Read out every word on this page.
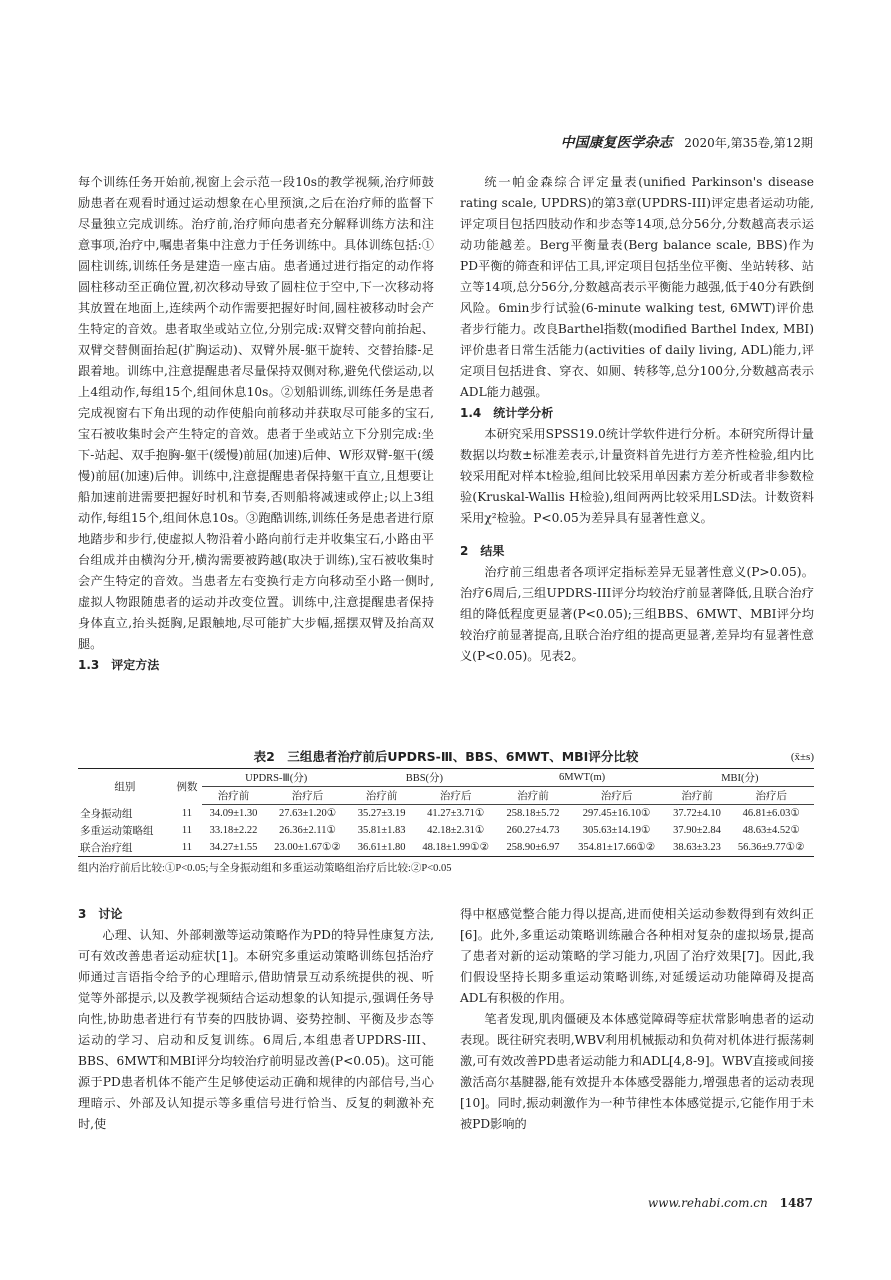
中国康复医学杂志 2020年,第35卷,第12期

每个训练任务开始前,视窗上会示范一段10s的教学视频,治疗师鼓励患者在观看时通过运动想象在心里预演,之后在治疗师的监督下尽量独立完成训练。治疗前,治疗师向患者充分解释训练方法和注意事项,治疗中,嘱患者集中注意力于任务训练中。具体训练包括:①圆柱训练,训练任务是建造一座古庙。患者通过进行指定的动作将圆柱移动至正确位置,初次移动导致了圆柱位于空中,下一次移动将其放置在地面上,连续两个动作需要把握好时间,圆柱被移动时会产生特定的音效。患者取坐或站立位,分别完成:双臂交替向前抬起、双臂交替侧面抬起(扩胸运动)、双臂外展-躯干旋转、交替抬膝-足跟着地。训练中,注意提醒患者尽量保持双侧对称,避免代偿运动,以上4组动作,每组15个,组间休息10s。②划船训练,训练任务是患者完成视窗右下角出现的动作使船向前移动并获取尽可能多的宝石,宝石被收集时会产生特定的音效。患者于坐或站立下分别完成:坐下-站起、双手抱胸-躯干(缓慢)前屈(加速)后伸、W形双臂-躯干(缓慢)前屈(加速)后伸。训练中,注意提醒患者保持躯干直立,且想要让船加速前进需要把握好时机和节奏,否则船将减速或停止;以上3组动作,每组15个,组间休息10s。③跑酷训练,训练任务是患者进行原地踏步和步行,使虚拟人物沿着小路向前行走并收集宝石,小路由平台组成并由横沟分开,横沟需要被跨越(取决于训练),宝石被收集时会产生特定的音效。当患者左右变换行走方向移动至小路一侧时,虚拟人物跟随患者的运动并改变位置。训练中,注意提醒患者保持身体直立,抬头挺胸,足跟触地,尽可能扩大步幅,摇摆双臂及抬高双腿。

1.3　评定方法

统一帕金森综合评定量表(unified Parkinson's disease rating scale, UPDRS)的第3章(UPDRS-III)评定患者运动功能,评定项目包括四肢动作和步态等14项,总分56分,分数越高表示运动功能越差。Berg平衡量表(Berg balance scale, BBS)作为PD平衡的筛查和评估工具,评定项目包括坐位平衡、坐站转移、站立等14项,总分56分,分数越高表示平衡能力越强,低于40分有跌倒风险。6min步行试验(6-minute walking test, 6MWT)评价患者步行能力。改良Barthel指数(modified Barthel Index, MBI)评价患者日常生活能力(activities of daily living, ADL)能力,评定项目包括进食、穿衣、如厕、转移等,总分100分,分数越高表示ADL能力越强。

1.4　统计学分析

本研究采用SPSS19.0统计学软件进行分析。本研究所得计量数据以均数±标准差表示,计量资料首先进行方差齐性检验,组内比较采用配对样本t检验,组间比较采用单因素方差分析或者非参数检验(Kruskal-Wallis H检验),组间两两比较采用LSD法。计数资料采用χ²检验。P<0.05为差异具有显著性意义。

2　结果

治疗前三组患者各项评定指标差异无显著性意义(P>0.05)。治疗6周后,三组UPDRS-III评分均较治疗前显著降低,且联合治疗组的降低程度更显著(P<0.05);三组BBS、6MWT、MBI评分均较治疗前显著提高,且联合治疗组的提高更显著,差异均有显著性意义(P<0.05)。见表2。

表2　三组患者治疗前后UPDRS-Ⅲ、BBS、6MWT、MBI评分比较	(x̄±s)
组别	例数	UPDRS-Ⅲ(分)		BBS(分)		6MWT(m)		MBI(分)	
		治疗前	治疗后	治疗前	治疗后	治疗前	治疗后	治疗前	治疗后
全身振动组	11	34.09±1.30	27.63±1.20①	35.27±3.19	41.27±3.71①	258.18±5.72	297.45±16.10①	37.72±4.10	46.81±6.03①
多重运动策略组	11	33.18±2.22	26.36±2.11①	35.81±1.83	42.18±2.31①	260.27±4.73	305.63±14.19①	37.90±2.84	48.63±4.52①
联合治疗组	11	34.27±1.55	23.00±1.67①②	36.61±1.80	48.18±1.99①②	258.90±6.97	354.81±17.66①②	38.63±3.23	56.36±9.77①②
组内治疗前后比较:①P<0.05;与全身振动组和多重运动策略组治疗后比较:②P<0.05

3　讨论

心理、认知、外部刺激等运动策略作为PD的特异性康复方法,可有效改善患者运动症状[1]。本研究多重运动策略训练包括治疗师通过言语指令给予的心理暗示,借助情景互动系统提供的视、听觉等外部提示,以及教学视频结合运动想象的认知提示,强调任务导向性,协助患者进行有节奏的四肢协调、姿势控制、平衡及步态等运动的学习、启动和反复训练。6周后,本组患者UPDRS-III、BBS、6MWT和MBI评分均较治疗前明显改善(P<0.05)。这可能源于PD患者机体不能产生足够使运动正确和规律的内部信号,当心理暗示、外部及认知提示等多重信号进行恰当、反复的刺激补充时,使

得中枢感觉整合能力得以提高,进而使相关运动参数得到有效纠正[6]。此外,多重运动策略训练融合各种相对复杂的虚拟场景,提高了患者对新的运动策略的学习能力,巩固了治疗效果[7]。因此,我们假设坚持长期多重运动策略训练,对延缓运动功能障碍及提高ADL有积极的作用。

笔者发现,肌肉僵硬及本体感觉障碍等症状常影响患者的运动表现。既往研究表明,WBV利用机械振动和负荷对机体进行振荡刺激,可有效改善PD患者运动能力和ADL[4,8-9]。WBV直接或间接激活高尔基腱器,能有效提升本体感受器能力,增强患者的运动表现[10]。同时,振动刺激作为一种节律性本体感觉提示,它能作用于未被PD影响的

www.rehabi.com.cn 1487
